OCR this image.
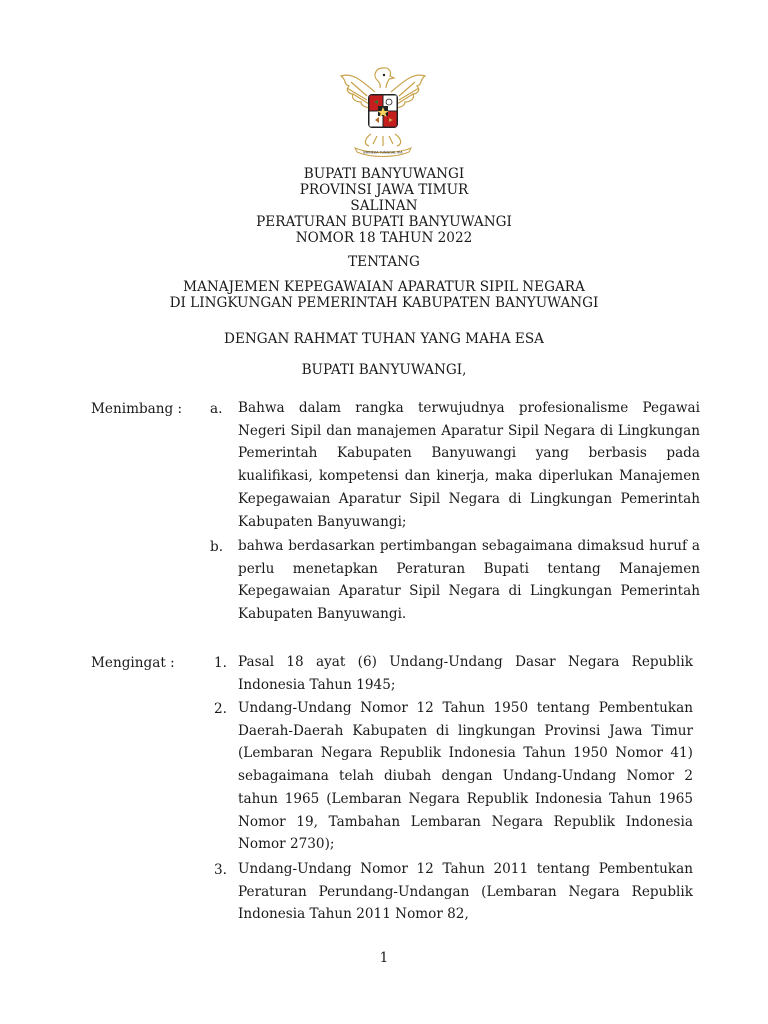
BHINEKA TUNGGAL IKA
BUPATI BANYUWANGI
PROVINSI JAWA TIMUR
SALINAN
PERATURAN BUPATI BANYUWANGI
NOMOR 18 TAHUN 2022
TENTANG
MANAJEMEN KEPEGAWAIAN APARATUR SIPIL NEGARA
DI LINGKUNGAN PEMERINTAH KABUPATEN BANYUWANGI
DENGAN RAHMAT TUHAN YANG MAHA ESA
BUPATI BANYUWANGI,
Menimbang : a. Bahwa dalam rangka terwujudnya profesionalisme Pegawai Negeri Sipil dan manajemen Aparatur Sipil Negara di Lingkungan Pemerintah Kabupaten Banyuwangi yang berbasis pada kualifikasi, kompetensi dan kinerja, maka diperlukan Manajemen Kepegawaian Aparatur Sipil Negara di Lingkungan Pemerintah Kabupaten Banyuwangi;
b. bahwa berdasarkan pertimbangan sebagaimana dimaksud huruf a perlu menetapkan Peraturan Bupati tentang Manajemen Kepegawaian Aparatur Sipil Negara di Lingkungan Pemerintah Kabupaten Banyuwangi.
Mengingat :	1. Pasal 18 ayat (6) Undang-Undang Dasar Negara Republik Indonesia Tahun 1945;
2. Undang-Undang Nomor 12 Tahun 1950 tentang Pembentukan Daerah-Daerah Kabupaten di lingkungan Provinsi Jawa Timur (Lembaran Negara Republik Indonesia Tahun 1950 Nomor 41) sebagaimana telah diubah dengan Undang-Undang Nomor 2 tahun 1965 (Lembaran Negara Republik Indonesia Tahun 1965 Nomor 19, Tambahan Lembaran Negara Republik Indonesia Nomor 2730);
3. Undang-Undang Nomor 12 Tahun 2011 tentang Pembentukan Peraturan Perundang-Undangan (Lembaran Negara Republik Indonesia Tahun 2011 Nomor 82,
1
